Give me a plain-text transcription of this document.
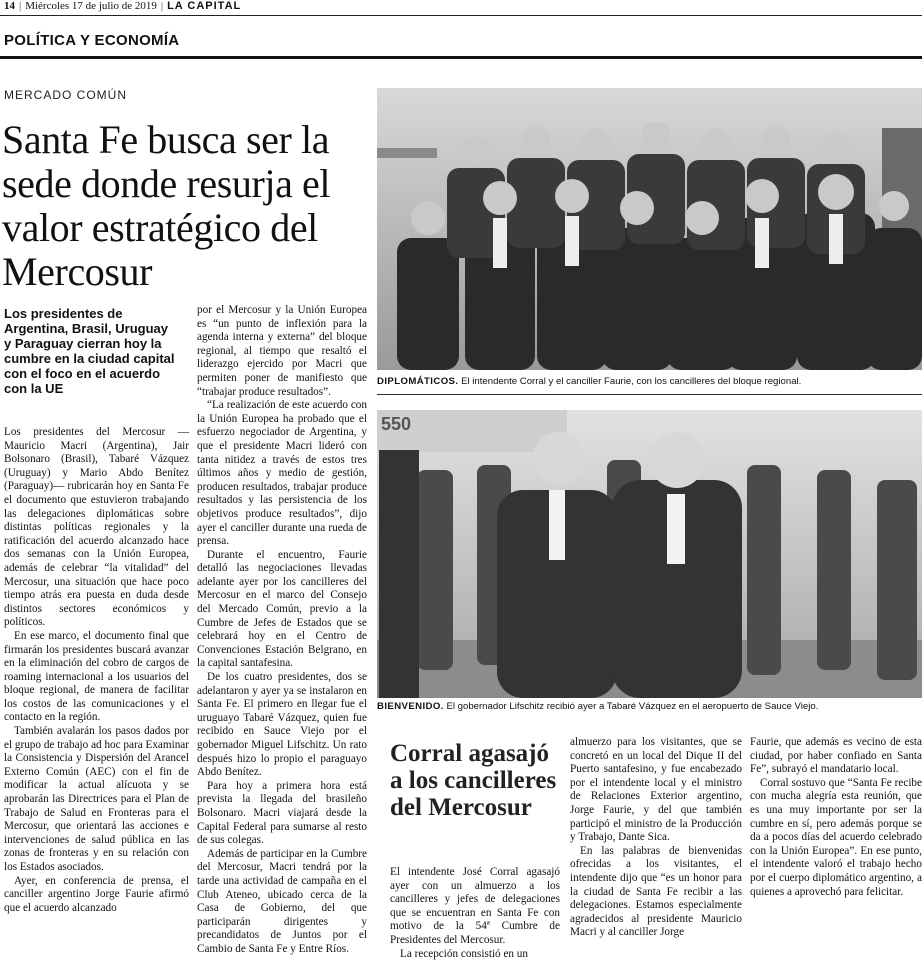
14 | Miércoles 17 de julio de 2019 | LA CAPITAL
POLÍTICA Y ECONOMÍA
MERCADO COMÚN
Santa Fe busca ser la sede donde resurja el valor estratégico del Mercosur
Los presidentes de Argentina, Brasil, Uruguay y Paraguay cierran hoy la cumbre en la ciudad capital con el foco en el acuerdo con la UE

Los presidentes del Mercosur —Mauricio Macri (Argentina), Jair Bolsonaro (Brasil), Tabaré Vázquez (Uruguay) y Mario Abdo Benítez (Paraguay)— rubricarán hoy en Santa Fe el documento que estuvieron trabajando las delegaciones diplomáticas sobre distintas políticas regionales y la ratificación del acuerdo alcanzado hace dos semanas con la Unión Europea, además de celebrar “la vitalidad” del Mercosur, una situación que hace poco tiempo atrás era puesta en duda desde distintos sectores económicos y políticos.

En ese marco, el documento final que firmarán los presidentes buscará avanzar en la eliminación del cobro de cargos de roaming internacional a los usuarios del bloque regional, de manera de facilitar los costos de las comunicaciones y el contacto en la región.

También avalarán los pasos dados por el grupo de trabajo ad hoc para Examinar la Consistencia y Dispersión del Arancel Externo Común (AEC) con el fin de modificar la actual alícuota y se aprobarán las Directrices para el Plan de Trabajo de Salud en Fronteras para el Mercosur, que orientará las acciones e intervenciones de salud pública en las zonas de fronteras y en su relación con los Estados asociados.

Ayer, en conferencia de prensa, el canciller argentino Jorge Faurie afirmó que el acuerdo alcanzado

por el Mercosur y la Unión Europea es “un punto de inflexión para la agenda interna y externa” del bloque regional, al tiempo que resaltó el liderazgo ejercido por Macri que permiten poner de manifiesto que “trabajar produce resultados”.

“La realización de este acuerdo con la Unión Europea ha probado que el esfuerzo negociador de Argentina, y que el presidente Macri lideró con tanta nitidez a través de estos tres últimos años y medio de gestión, producen resultados, trabajar produce resultados y las persistencia de los objetivos produce resultados”, dijo ayer el canciller durante una rueda de prensa.

Durante el encuentro, Faurie detalló las negociaciones llevadas adelante ayer por los cancilleres del Mercosur en el marco del Consejo del Mercado Común, previo a la Cumbre de Jefes de Estados que se celebrará hoy en el Centro de Convenciones Estación Belgrano, en la capital santafesina.

De los cuatro presidentes, dos se adelantaron y ayer ya se instalaron en Santa Fe. El primero en llegar fue el uruguayo Tabaré Vázquez, quien fue recibido en Sauce Viejo por el gobernador Miguel Lifschitz. Un rato después hizo lo propio el paraguayo Abdo Benítez.

Para hoy a primera hora está prevista la llegada del brasileño Bolsonaro. Macri viajará desde la Capital Federal para sumarse al resto de sus colegas.

Además de participar en la Cumbre del Mercosur, Macri tendrá por la tarde una actividad de campaña en el Club Ateneo, ubicado cerca de la Casa de Gobierno, del que participarán dirigentes y precandidatos de Juntos por el Cambio de Santa Fe y Entre Ríos.

DIPLOMÁTICOS. El intendente Corral y el canciller Faurie, con los cancilleres del bloque regional.
550
BIENVENIDO. El gobernador Lifschitz recibió ayer a Tabaré Vázquez en el aeropuerto de Sauce Viejo.
Corral agasajó a los cancilleres del Mercosur

El intendente José Corral agasajó ayer con un almuerzo a los cancilleres y jefes de delegaciones que se encuentran en Santa Fe con motivo de la 54ª Cumbre de Presidentes del Mercosur.

La recepción consistió en un

almuerzo para los visitantes, que se concretó en un local del Dique II del Puerto santafesino, y fue encabezado por el intendente local y el ministro de Relaciones Exterior argentino, Jorge Faurie, y del que también participó el ministro de la Producción y Trabajo, Dante Sica.

En las palabras de bienvenidas ofrecidas a los visitantes, el intendente dijo que “es un honor para la ciudad de Santa Fe recibir a las delegaciones. Estamos especialmente agradecidos al presidente Mauricio Macri y al canciller Jorge

Faurie, que además es vecino de esta ciudad, por haber confiado en Santa Fe”, subrayó el mandatario local.

Corral sostuvo que “Santa Fe recibe con mucha alegría esta reunión, que es una muy importante por ser la cumbre en sí, pero además porque se da a pocos días del acuerdo celebrado con la Unión Europea”. En ese punto, el intendente valoró el trabajo hecho por el cuerpo diplomático argentino, a quienes a aprovechó para felicitar.
